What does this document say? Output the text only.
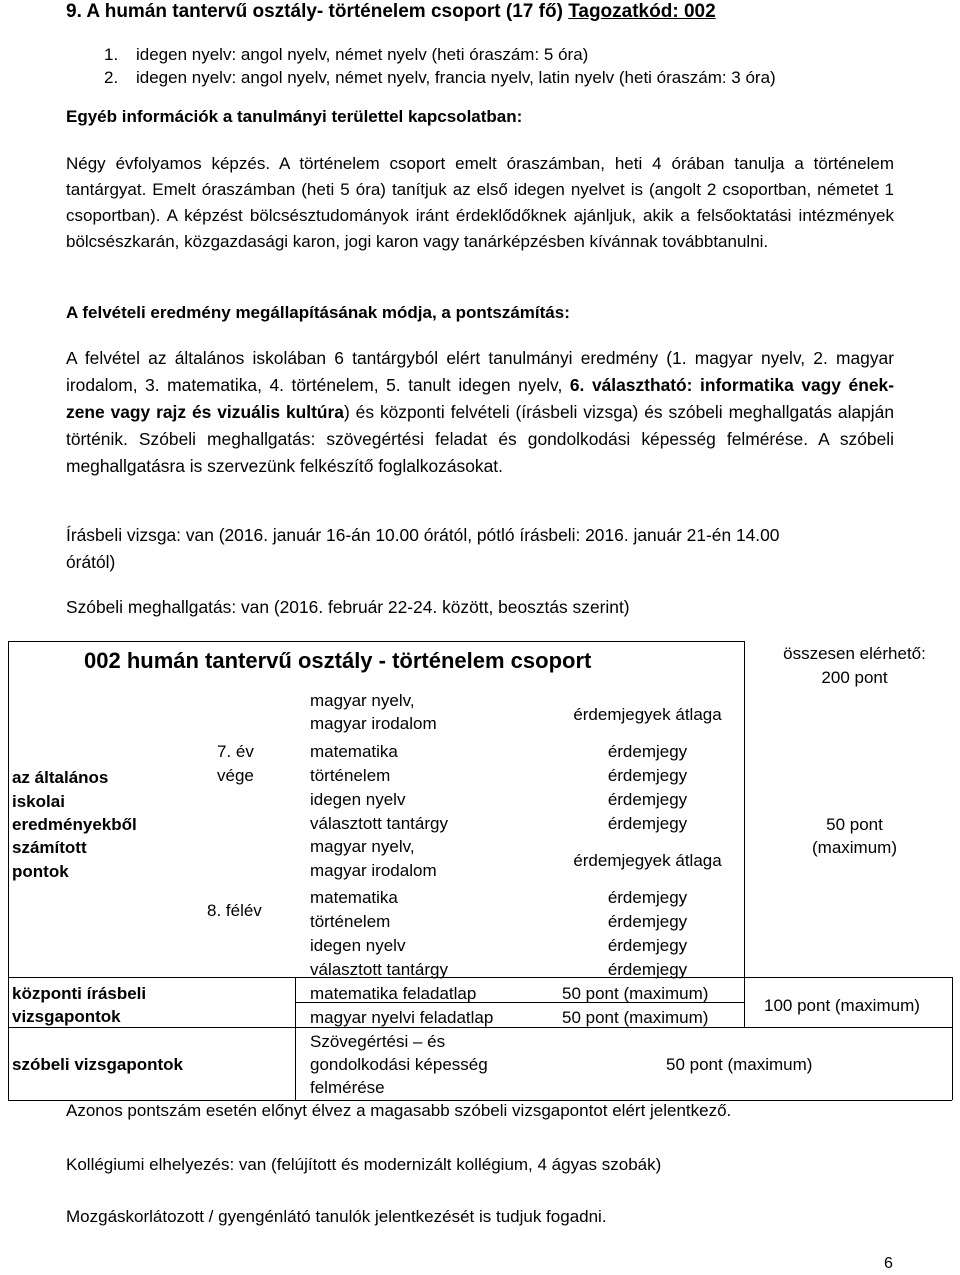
9. A humán tantervű osztály- történelem csoport (17 fő) Tagozatkód: 002
1. idegen nyelv: angol nyelv, német nyelv (heti óraszám: 5 óra)
2. idegen nyelv: angol nyelv, német nyelv, francia nyelv, latin nyelv (heti óraszám: 3 óra)
Egyéb információk a tanulmányi területtel kapcsolatban:
Négy évfolyamos képzés. A történelem csoport emelt óraszámban, heti 4 órában tanulja a történelem tantárgyat. Emelt óraszámban (heti 5 óra) tanítjuk az első idegen nyelvet is (angolt 2 csoportban, németet 1 csoportban). A képzést bölcsésztudományok iránt érdeklődőknek ajánljuk, akik a felsőoktatási intézmények bölcsészkarán, közgazdasági karon, jogi karon vagy tanárképzésben kívánnak továbbtanulni.
A felvételi eredmény megállapításának módja, a pontszámítás:
A felvétel az általános iskolában 6 tantárgyból elért tanulmányi eredmény (1. magyar nyelv, 2. magyar irodalom, 3. matematika, 4. történelem, 5. tanult idegen nyelv, 6. választható: informatika vagy ének-zene vagy rajz és vizuális kultúra) és központi felvételi (írásbeli vizsga) és szóbeli meghallgatás alapján történik. Szóbeli meghallgatás: szövegértési feladat és gondolkodási képesség felmérése. A szóbeli meghallgatásra is szervezünk felkészítő foglalkozásokat.
Írásbeli vizsga: van (2016. január 16-án 10.00 órától, pótló írásbeli: 2016. január 21-én 14.00
órától)
Szóbeli meghallgatás: van (2016. február 22-24. között, beosztás szerint)
002 humán tantervű osztály - történelem csoport	összesen elérhető:
200 pont
az általános
iskolai
eredményekből
számított
pontok
7. év
vége
8. félév
magyar nyelv,
magyar irodalom
matematika
történelem
idegen nyelv
választott tantárgy
érdemjegyek átlaga
érdemjegy
érdemjegy
érdemjegy
érdemjegy
magyar nyelv,
magyar irodalom
matematika
történelem
idegen nyelv
választott tantárgy
érdemjegyek átlaga
érdemjegy
érdemjegy
érdemjegy
érdemjegy
50 pont
(maximum)
központi írásbeli
vizsgapontok
matematika feladatlap
magyar nyelvi feladatlap
50 pont (maximum)
50 pont (maximum)
100 pont (maximum)
szóbeli vizsgapontok
Szövegértési – és
gondolkodási képesség
felmérése
50 pont (maximum)
Azonos pontszám esetén előnyt élvez a magasabb szóbeli vizsgapontot elért jelentkező.
Kollégiumi elhelyezés: van (felújított és modernizált kollégium, 4 ágyas szobák)
Mozgáskorlátozott / gyengénlátó tanulók jelentkezését is tudjuk fogadni.
6
